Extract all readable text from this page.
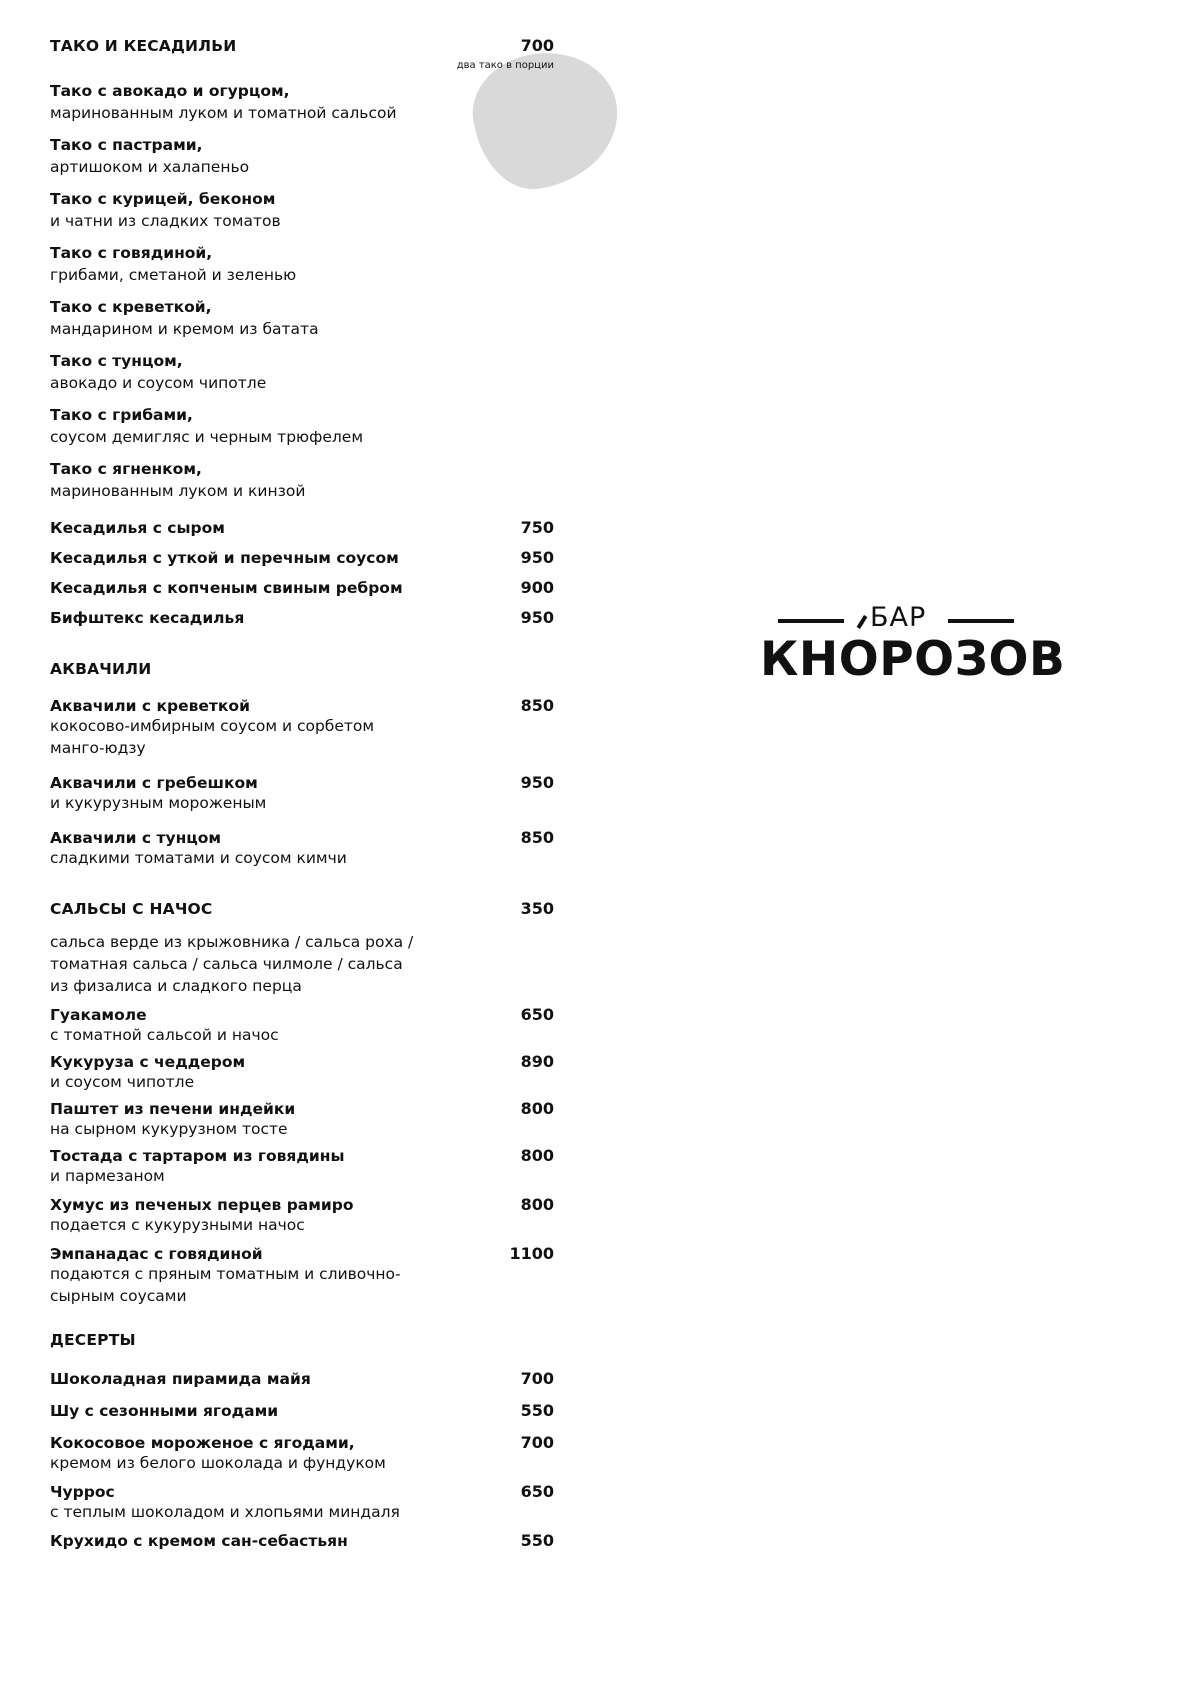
ТАКО И КЕСАДИЛЬИ	700
два тако в порции
Тако с авокадо и огурцом,
маринованным луком и томатной сальсой
Тако с пастрами,
артишоком и халапеньо
Тако с курицей, беконом
и чатни из сладких томатов
Тако с говядиной,
грибами, сметаной и зеленью
Тако с креветкой,
мандарином и кремом из батата
Тако с тунцом,
авокадо и соусом чипотле
Тако с грибами,
соусом демигляс и черным трюфелем
Тако с ягненком,
маринованным луком и кинзой
Кесадилья с сыром	750
Кесадилья с уткой и перечным соусом	950
Кесадилья с копченым свиным ребром	900
Бифштекс кесадилья	950
АКВАЧИЛИ
Аквачили с креветкой	850
кокосово-имбирным соусом и сорбетом манго-юдзу
Аквачили с гребешком	950
и кукурузным мороженым
Аквачили с тунцом	850
сладкими томатами и соусом кимчи
САЛЬСЫ С НАЧОС	350
сальса верде из крыжовника / сальса роха / томатная сальса / сальса чилмоле / сальса из физалиса и сладкого перца
Гуакамоле	650
с томатной сальсой и начос
Кукуруза с чеддером	890
и соусом чипотле
Паштет из печени индейки	800
на сырном кукурузном тосте
Тостада с тартаром из говядины	800
и пармезаном
Хумус из печеных перцев рамиро	800
подается с кукурузными начос
Эмпанадас с говядиной	1100
подаются с пряным томатным и сливочно-сырным соусами
ДЕСЕРТЫ
Шоколадная пирамида майя	700
Шу с сезонными ягодами	550
Кокосовое мороженое с ягодами,	700
кремом из белого шоколада и фундуком
Чуррос	650
с теплым шоколадом и хлопьями миндаля
Крухидо с кремом сан-себастьян	550
БАР
КНОРОЗОВ
